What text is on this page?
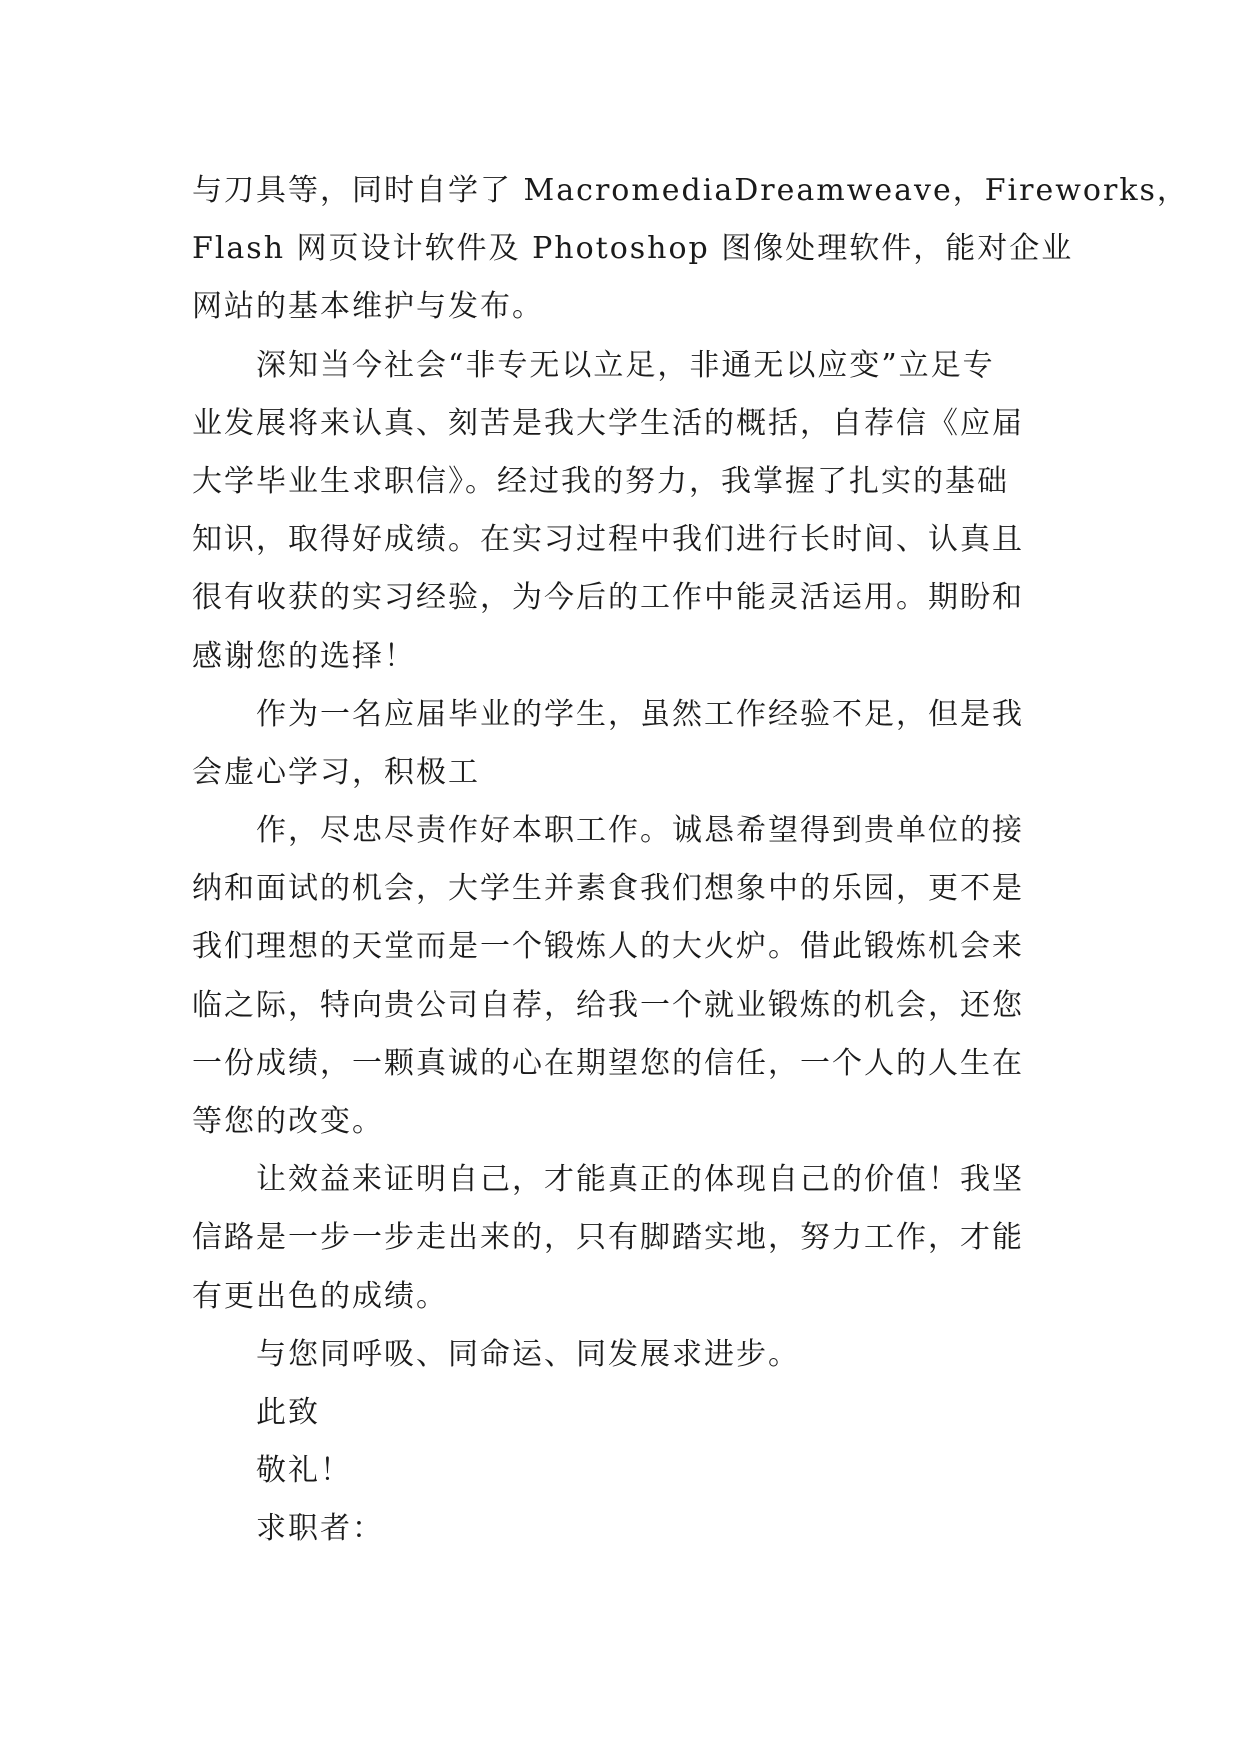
与刀具等，同时自学了 MacromediaDreamweave，Fireworks，
Flash 网页设计软件及 Photoshop 图像处理软件，能对企业
网站的基本维护与发布。
深知当今社会“非专无以立足，非通无以应变”立足专
业发展将来认真、刻苦是我大学生活的概括，自荐信《应届
大学毕业生求职信》。经过我的努力，我掌握了扎实的基础
知识，取得好成绩。在实习过程中我们进行长时间、认真且
很有收获的实习经验，为今后的工作中能灵活运用。期盼和
感谢您的选择！
作为一名应届毕业的学生，虽然工作经验不足，但是我
会虚心学习，积极工
作，尽忠尽责作好本职工作。诚恳希望得到贵单位的接
纳和面试的机会，大学生并素食我们想象中的乐园，更不是
我们理想的天堂而是一个锻炼人的大火炉。借此锻炼机会来
临之际，特向贵公司自荐，给我一个就业锻炼的机会，还您
一份成绩，一颗真诚的心在期望您的信任，一个人的人生在
等您的改变。
让效益来证明自己，才能真正的体现自己的价值！我坚
信路是一步一步走出来的，只有脚踏实地，努力工作，才能
有更出色的成绩。
与您同呼吸、同命运、同发展求进步。
此致
敬礼！
求职者：
